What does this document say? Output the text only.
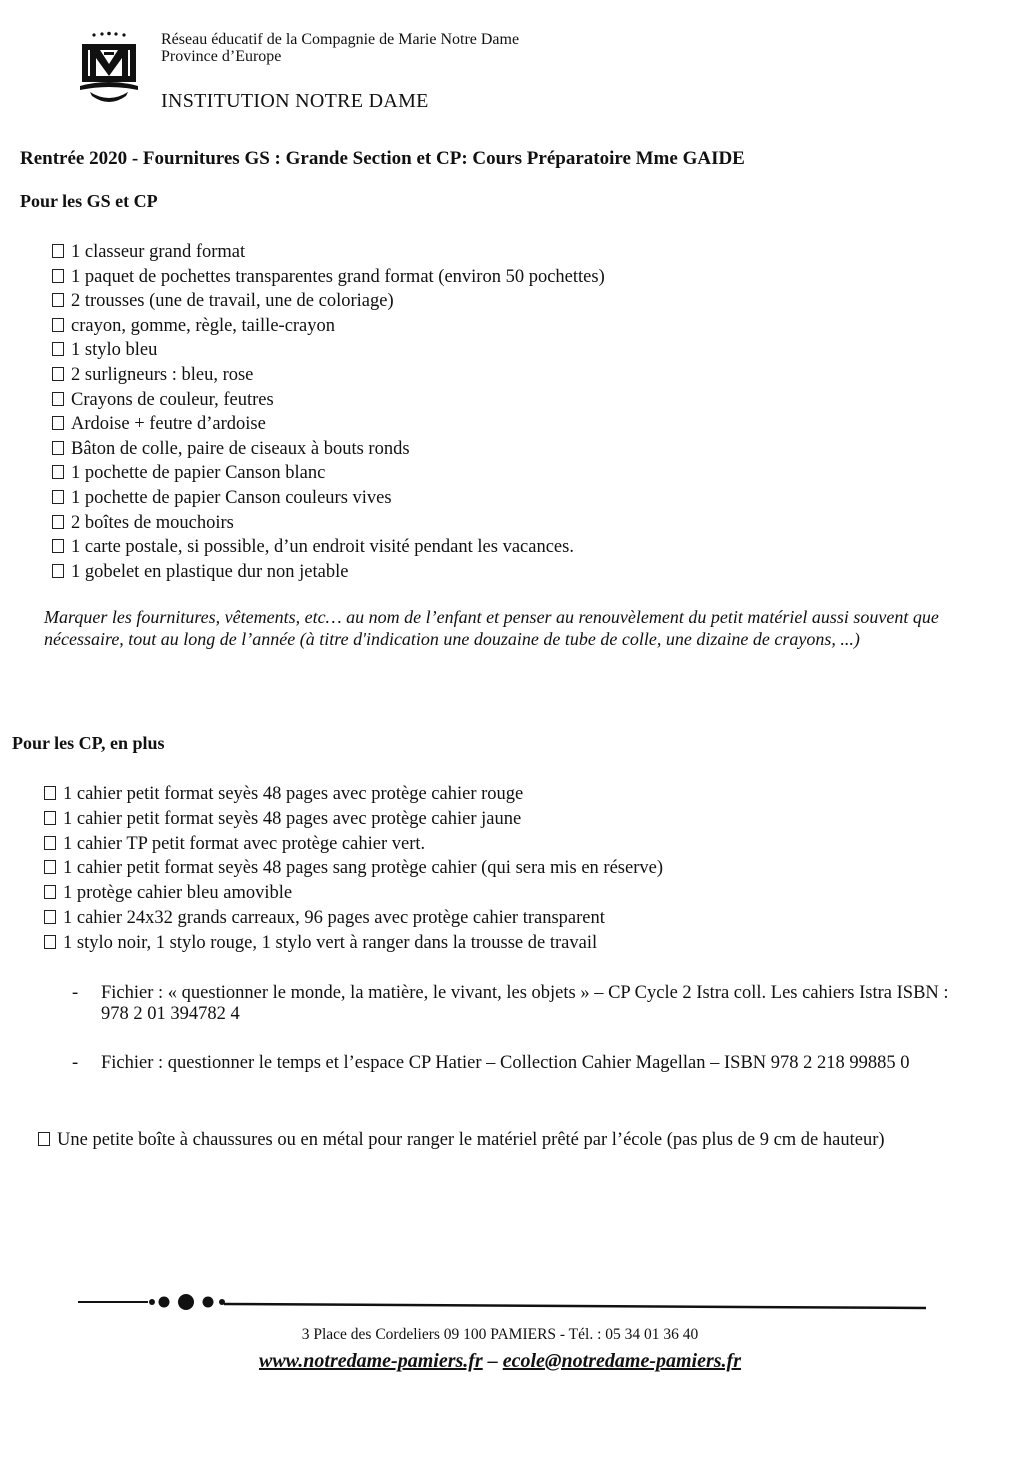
Réseau éducatif de la Compagnie de Marie Notre Dame
Province d’Europe
INSTITUTION NOTRE DAME
Rentrée 2020 - Fournitures GS : Grande Section et CP: Cours Préparatoire Mme GAIDE
Pour les GS et CP
1 classeur grand format
1 paquet de pochettes transparentes grand format (environ 50 pochettes)
2 trousses (une de travail, une de coloriage)
crayon, gomme, règle, taille-crayon
1 stylo bleu
2 surligneurs : bleu, rose
Crayons de couleur, feutres
Ardoise + feutre d’ardoise
Bâton de colle, paire de ciseaux à bouts ronds
1 pochette de papier Canson blanc
1 pochette de papier Canson couleurs vives
2 boîtes de mouchoirs
1 carte postale, si possible, d’un endroit visité pendant les vacances.
1 gobelet en plastique dur non jetable
Marquer les fournitures, vêtements, etc… au nom de l’enfant et penser au renouvèlement du petit matériel aussi souvent que nécessaire, tout au long de l’année (à titre d'indication une douzaine de tube de colle, une dizaine de crayons, ...)
Pour les CP, en plus
1 cahier petit format seyès 48 pages avec protège cahier rouge
1 cahier petit format seyès 48 pages avec protège cahier jaune
1 cahier TP petit format avec protège cahier vert.
1 cahier petit format seyès 48 pages sang protège cahier (qui sera mis en réserve)
1 protège cahier bleu amovible
1 cahier 24x32 grands carreaux, 96 pages avec protège cahier transparent
1 stylo noir, 1 stylo rouge, 1 stylo vert à ranger dans la trousse de travail
- Fichier : « questionner le monde, la matière, le vivant, les objets » – CP Cycle 2 Istra coll. Les cahiers Istra ISBN : 978 2 01 394782 4
- Fichier : questionner le temps et l’espace CP Hatier – Collection Cahier Magellan – ISBN 978 2 218 99885 0
Une petite boîte à chaussures ou en métal pour ranger le matériel prêté par l’école (pas plus de 9 cm de hauteur)
3 Place des Cordeliers 09 100 PAMIERS - Tél. : 05 34 01 36 40
www.notredame-pamiers.fr – ecole@notredame-pamiers.fr
